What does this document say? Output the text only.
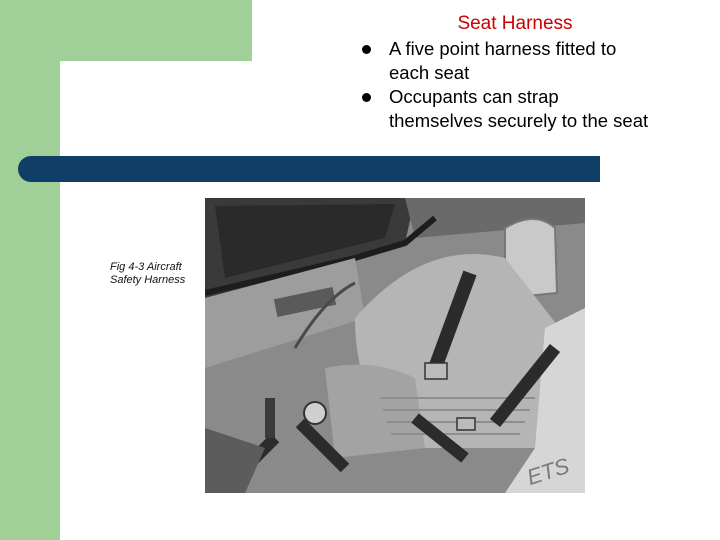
Seat Harness
A five point harness fitted to each seat
Occupants can strap themselves securely to the seat
Fig 4-3 Aircraft
Safety Harness
ETS
